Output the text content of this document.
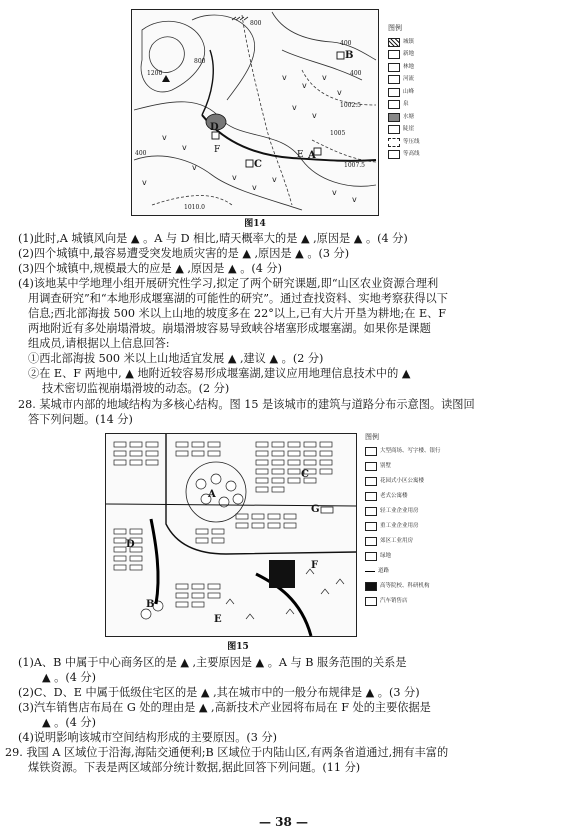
v
v
v
v
v
v
v
v
v
v
v
v
v
v
v
A
B
C
D
E
F
1200
800
400
400
400
800
1002.5
1005
1007.5
1010.0
图例
城镇
新地
林地
河流
山峰
泉
水塘
陡崖
等压线
等高线
图14
(1)此时,A 城镇风向是 ▲ 。A 与 D 相比,晴天概率大的是 ▲ ,原因是 ▲ 。(4 分)
(2)四个城镇中,最容易遭受突发地质灾害的是 ▲ ,原因是 ▲ 。(3 分)
(3)四个城镇中,规模最大的应是 ▲ ,原因是 ▲ 。(4 分)
(4)该地某中学地理小组开展研究性学习,拟定了两个研究课题,即“山区农业资源合理利
用调查研究”和“本地形成堰塞湖的可能性的研究”。通过查找资料、实地考察获得以下
信息;西北部海拔 500 米以上山地的坡度多在 22°以上,已有大片开垦为耕地;在 E、F
两地附近有多处崩塌滑坡。崩塌滑坡容易导致峡谷堵塞形成堰塞湖。如果你是课题
组成员,请根据以上信息回答:
①西北部海拔 500 米以上山地适宜发展 ▲ ,建议 ▲ 。(2 分)
②在 E、F 两地中, ▲ 地附近较容易形成堰塞湖,建议应用地理信息技术中的 ▲
技术密切监视崩塌滑坡的动态。(2 分)
28. 某城市内部的地域结构为多核心结构。图 15 是该城市的建筑与道路分布示意图。读图回
答下列问题。(14 分)
A
B
C
D
E
F
G
图例
大型商场、写字楼、银行
别墅
花园式小区公寓楼
老式公寓楼
轻工业企业用房
重工业企业用房
郊区工业用房
绿地
道路
高等院校、科研机构
汽车销售店
图15
(1)A、B 中属于中心商务区的是 ▲ ,主要原因是 ▲ 。A 与 B 服务范围的关系是
▲ 。(4 分)
(2)C、D、E 中属于低级住宅区的是 ▲ ,其在城市中的一般分布规律是 ▲ 。(3 分)
(3)汽车销售店布局在 G 处的理由是 ▲ ,高新技术产业园将布局在 F 处的主要依据是
▲ 。(4 分)
(4)说明影响该城市空间结构形成的主要原因。(3 分)
29. 我国 A 区域位于沿海,海陆交通便利;B 区域位于内陆山区,有两条省道通过,拥有丰富的
煤铁资源。下表是两区域部分统计数据,据此回答下列问题。(11 分)
— 38 —
